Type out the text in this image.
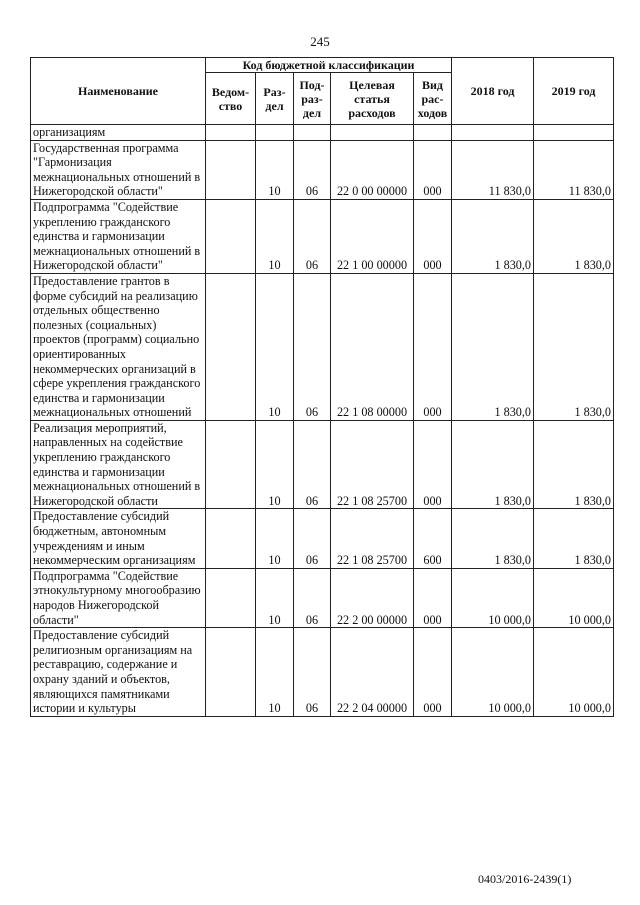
245
Наименование	Код бюджетной классификации					2018 год	2019 год
	Ведом-ство	Раз-дел	Под-раз-дел	Целевая статья расходов	Вид рас-ходов		
организациям							
Государственная программа "Гармонизация межнациональных отношений в Нижегородской области"		10	06	22 0 00 00000	000	11 830,0	11 830,0
Подпрограмма "Содействие укреплению гражданского единства и гармонизации межнациональных отношений в Нижегородской области"		10	06	22 1 00 00000	000	1 830,0	1 830,0
Предоставление грантов в форме субсидий на реализацию отдельных общественно полезных (социальных) проектов (программ) социально ориентированных некоммерческих организаций в сфере укрепления гражданского единства и гармонизации межнациональных отношений		10	06	22 1 08 00000	000	1 830,0	1 830,0
Реализация мероприятий, направленных на содействие укреплению гражданского единства и гармонизации межнациональных отношений в Нижегородской области		10	06	22 1 08 25700	000	1 830,0	1 830,0
Предоставление субсидий бюджетным, автономным учреждениям и иным некоммерческим организациям		10	06	22 1 08 25700	600	1 830,0	1 830,0
Подпрограмма "Содействие этнокультурному многообразию народов Нижегородской области"		10	06	22 2 00 00000	000	10 000,0	10 000,0
Предоставление субсидий религиозным организациям на реставрацию, содержание и охрану зданий и объектов, являющихся памятниками истории и культуры		10	06	22 2 04 00000	000	10 000,0	10 000,0
0403/2016-2439(1)
